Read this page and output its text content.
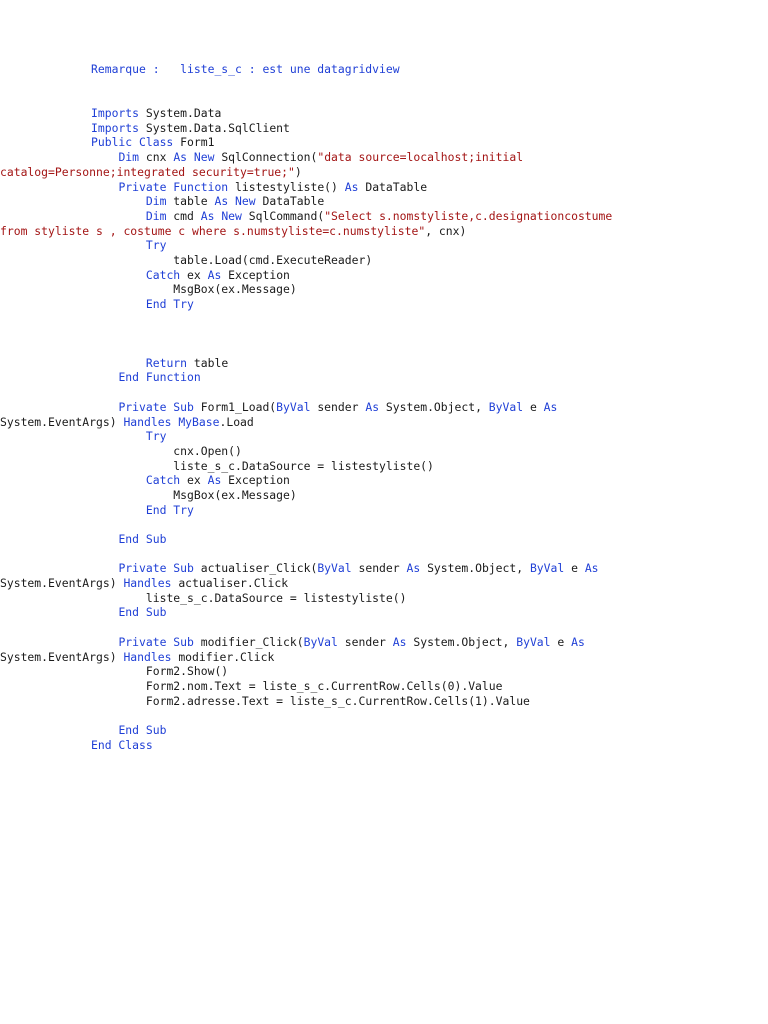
Remarque :   liste_s_c : est une datagridview

Imports System.Data
Imports System.Data.SqlClient
Public Class Form1
Dim cnx As New SqlConnection("data source=localhost;initial
catalog=Personne;integrated security=true;")
Private Function listestyliste() As DataTable
Dim table As New DataTable
Dim cmd As New SqlCommand("Select s.nomstyliste,c.designationcostume
from styliste s , costume c where s.numstyliste=c.numstyliste", cnx)
Try
table.Load(cmd.ExecuteReader)
Catch ex As Exception
MsgBox(ex.Message)
End Try

Return table
End Function

Private Sub Form1_Load(ByVal sender As System.Object, ByVal e As
System.EventArgs) Handles MyBase.Load
Try
cnx.Open()
liste_s_c.DataSource = listestyliste()
Catch ex As Exception
MsgBox(ex.Message)
End Try

End Sub

Private Sub actualiser_Click(ByVal sender As System.Object, ByVal e As
System.EventArgs) Handles actualiser.Click
liste_s_c.DataSource = listestyliste()
End Sub

Private Sub modifier_Click(ByVal sender As System.Object, ByVal e As
System.EventArgs) Handles modifier.Click
Form2.Show()
Form2.nom.Text = liste_s_c.CurrentRow.Cells(0).Value
Form2.adresse.Text = liste_s_c.CurrentRow.Cells(1).Value

End Sub
End Class
